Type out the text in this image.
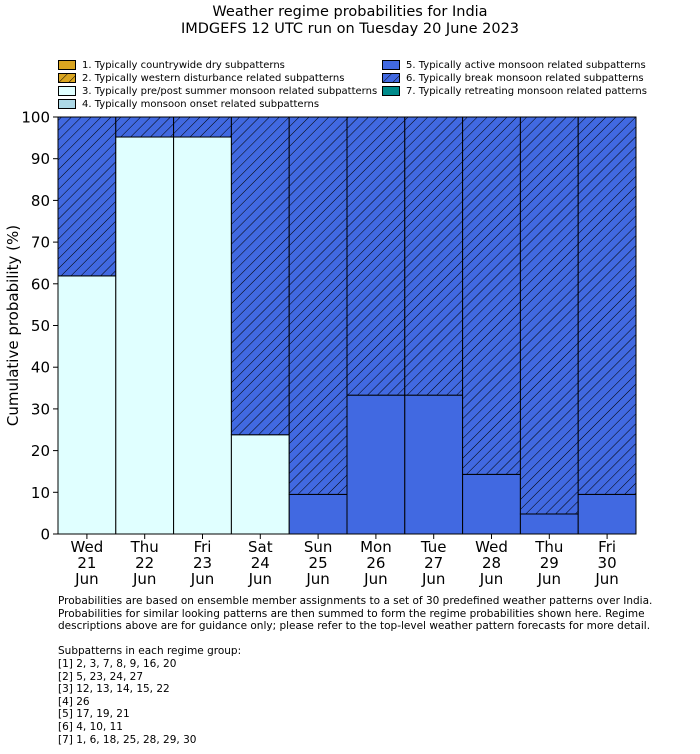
Weather regime probabilities for India
IMDGEFS 12 UTC run on Tuesday 20 June 2023
1. Typically countrywide dry subpatterns
2. Typically western disturbance related subpatterns
3. Typically pre/post summer monsoon related subpatterns
4. Typically monsoon onset related subpatterns
5. Typically active monsoon related subpatterns
6. Typically break monsoon related subpatterns
7. Typically retreating monsoon related patterns
0
10
20
30
40
50
60
70
80
90
100
Wed
21
Jun
Thu
22
Jun
Fri
23
Jun
Sat
24
Jun
Sun
25
Jun
Mon
26
Jun
Tue
27
Jun
Wed
28
Jun
Thu
29
Jun
Fri
30
Jun
Cumulative probability (%)
Probabilities are based on ensemble member assignments to a set of 30 predefined weather patterns over India.
Probabilities for similar looking patterns are then summed to form the regime probabilities shown here. Regime
descriptions above are for guidance only; please refer to the top-level weather pattern forecasts for more detail.
Subpatterns in each regime group:
[1] 2, 3, 7, 8, 9, 16, 20
[2] 5, 23, 24, 27
[3] 12, 13, 14, 15, 22
[4] 26
[5] 17, 19, 21
[6] 4, 10, 11
[7] 1, 6, 18, 25, 28, 29, 30
